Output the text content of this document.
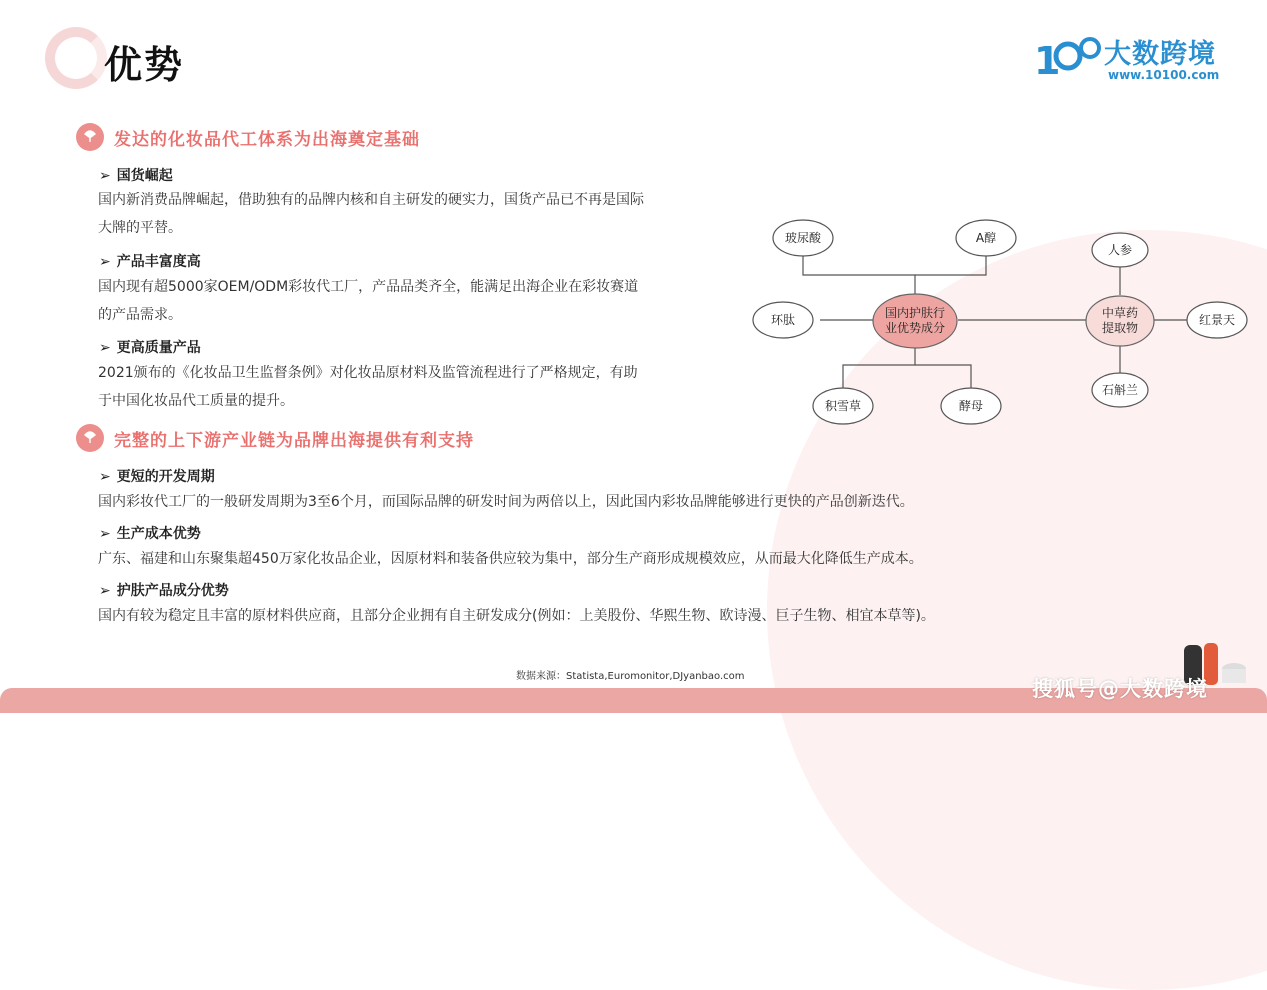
优势	1 大数跨境
www.10100.com
发达的化妆品代工体系为出海奠定基础
➢ 国货崛起
国内新消费品牌崛起，借助独有的品牌内核和自主研发的硬实力，国货产品已不再是国际
大牌的平替。
➢ 产品丰富度高
国内现有超5000家OEM/ODM彩妆代工厂，产品品类齐全，能满足出海企业在彩妆赛道
的产品需求。
➢ 更高质量产品
2021颁布的《化妆品卫生监督条例》对化妆品原材料及监管流程进行了严格规定，有助
于中国化妆品代工质量的提升。
完整的上下游产业链为品牌出海提供有利支持
➢ 更短的开发周期
国内彩妆代工厂的一般研发周期为3至6个月，而国际品牌的研发时间为两倍以上，因此国内彩妆品牌能够进行更快的产品创新迭代。
➢ 生产成本优势
广东、福建和山东聚集超450万家化妆品企业，因原材料和装备供应较为集中，部分生产商形成规模效应，从而最大化降低生产成本。
➢ 护肤产品成分优势
国内有较为稳定且丰富的原材料供应商，且部分企业拥有自主研发成分(例如：上美股份、华熙生物、欧诗漫、巨子生物、相宜本草等)。
国内护肤行
业优势成分
玻尿酸	A醇
环肽
积雪草	酵母
中草药
提取物
人参
红景天
石斛兰
数据来源：Statista,Euromonitor,DJyanbao.com
搜狐号@大数跨境
